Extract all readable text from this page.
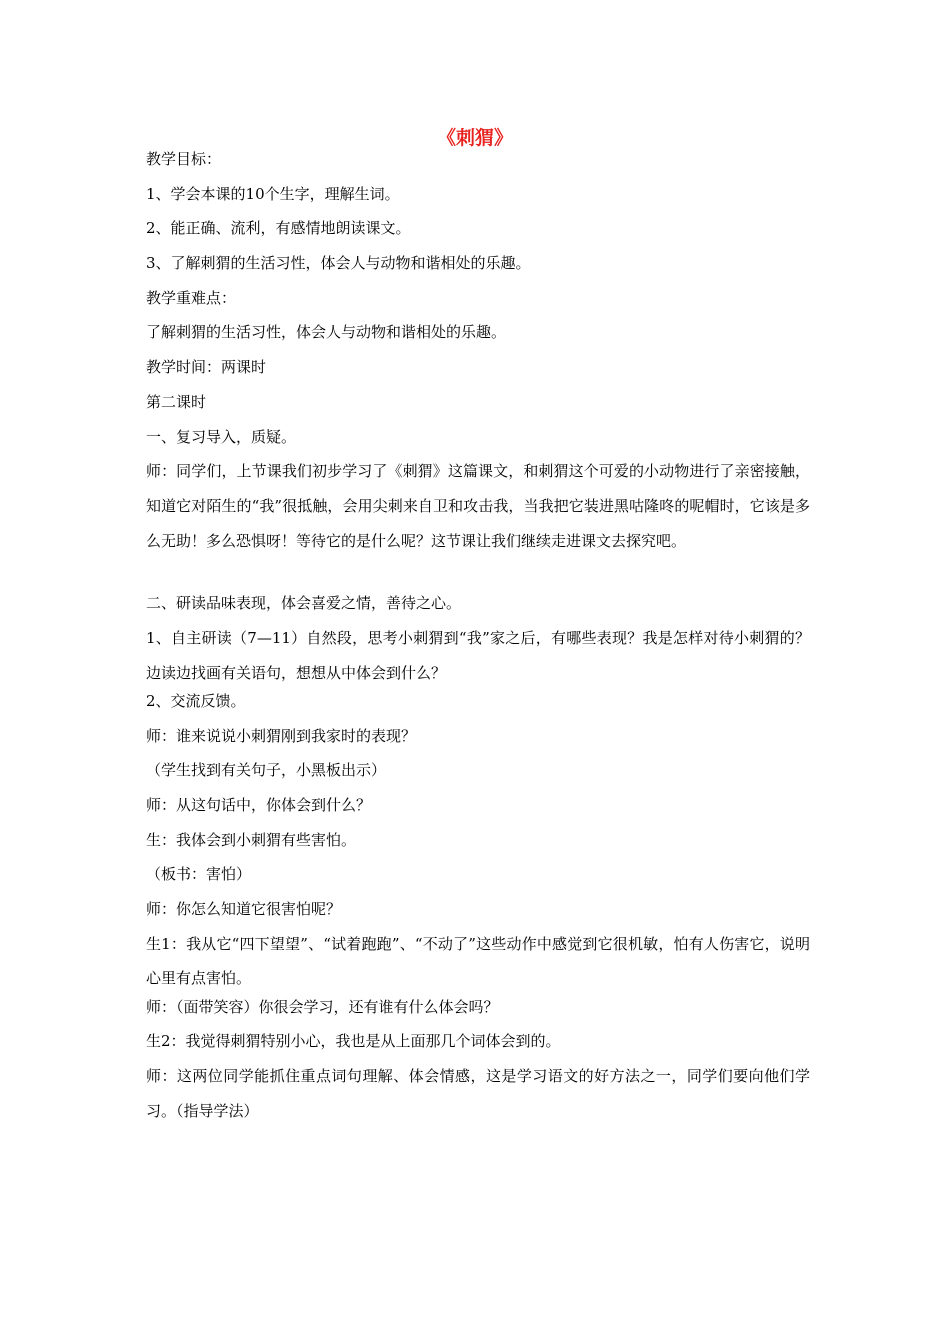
《刺猬》

教学目标：

1、学会本课的10个生字，理解生词。

2、能正确、流利，有感情地朗读课文。

3、了解刺猬的生活习性，体会人与动物和谐相处的乐趣。

教学重难点：

了解刺猬的生活习性，体会人与动物和谐相处的乐趣。

教学时间：两课时

第二课时

一、复习导入，质疑。

师：同学们，上节课我们初步学习了《刺猬》这篇课文，和刺猬这个可爱的小动物进行了亲密接触，知道它对陌生的“我”很抵触，会用尖刺来自卫和攻击我，当我把它装进黑咕隆咚的呢帽时，它该是多么无助！多么恐惧呀！等待它的是什么呢？这节课让我们继续走进课文去探究吧。

二、研读品味表现，体会喜爱之情，善待之心。

1、自主研读（7—11）自然段，思考小刺猬到“我”家之后，有哪些表现？我是怎样对待小刺猬的？边读边找画有关语句，想想从中体会到什么？

2、交流反馈。

师：谁来说说小刺猬刚到我家时的表现？

（学生找到有关句子，小黑板出示）

师：从这句话中，你体会到什么？

生：我体会到小刺猬有些害怕。

（板书：害怕）

师：你怎么知道它很害怕呢？

生1：我从它“四下望望”、“试着跑跑”、“不动了”这些动作中感觉到它很机敏，怕有人伤害它，说明心里有点害怕。

师：（面带笑容）你很会学习，还有谁有什么体会吗？

生2：我觉得刺猬特别小心，我也是从上面那几个词体会到的。

师：这两位同学能抓住重点词句理解、体会情感，这是学习语文的好方法之一，同学们要向他们学习。（指导学法）
